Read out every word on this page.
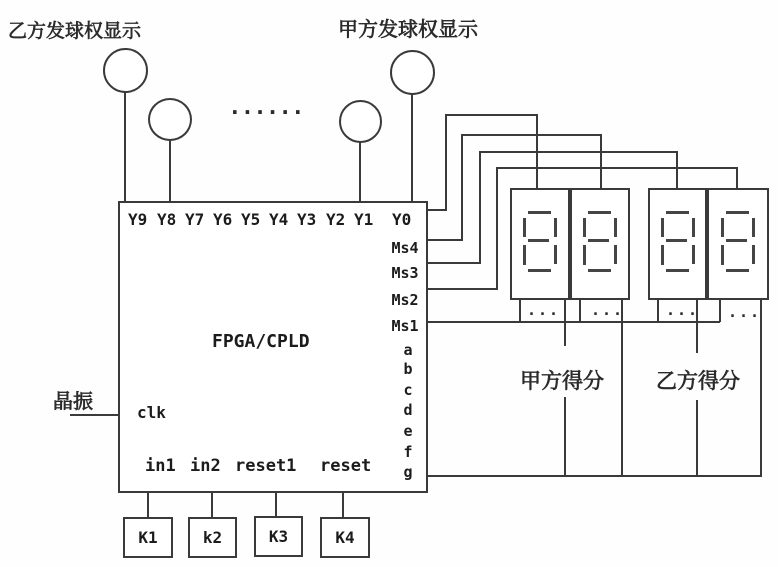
乙方发球权显示	甲方发球权显示
······
FPGA/CPLD
Y9 Y8 Y7 Y6 Y5 Y4 Y3 Y2 Y1 Y0
Ms4
Ms3
Ms2
Ms1
a
b
c
d
e
f
g
clk
晶振
in1 in2 reset1 reset
K1	k2	K3	K4
... ...	... ...
甲方得分 乙方得分
